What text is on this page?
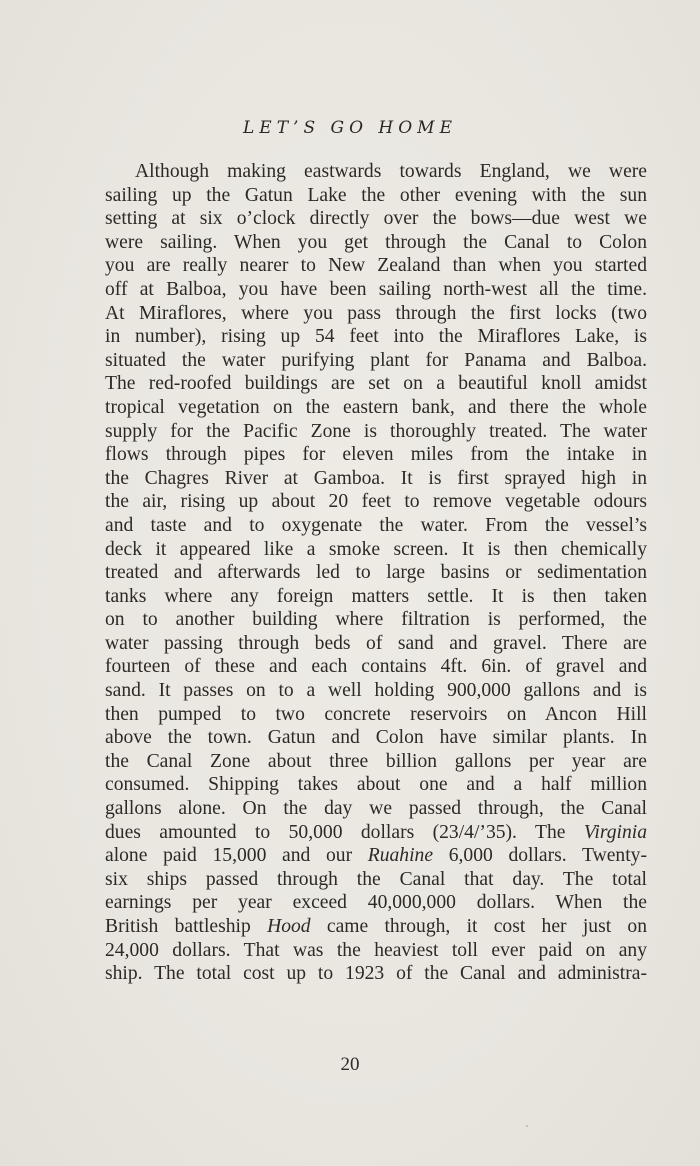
LET’S GO HOME
Although making eastwards towards England, we were
sailing up the Gatun Lake the other evening with the sun
setting at six o’clock directly over the bows—due west we
were sailing. When you get through the Canal to Colon
you are really nearer to New Zealand than when you started
off at Balboa, you have been sailing north-west all the time.
At Miraflores, where you pass through the first locks (two
in number), rising up 54 feet into the Miraflores Lake, is
situated the water purifying plant for Panama and Balboa.
The red-roofed buildings are set on a beautiful knoll amidst
tropical vegetation on the eastern bank, and there the whole
supply for the Pacific Zone is thoroughly treated. The water
flows through pipes for eleven miles from the intake in
the Chagres River at Gamboa. It is first sprayed high in
the air, rising up about 20 feet to remove vegetable odours
and taste and to oxygenate the water. From the vessel’s
deck it appeared like a smoke screen. It is then chemically
treated and afterwards led to large basins or sedimentation
tanks where any foreign matters settle. It is then taken
on to another building where filtration is performed, the
water passing through beds of sand and gravel. There are
fourteen of these and each contains 4ft. 6in. of gravel and
sand. It passes on to a well holding 900,000 gallons and is
then pumped to two concrete reservoirs on Ancon Hill
above the town. Gatun and Colon have similar plants. In
the Canal Zone about three billion gallons per year are
consumed. Shipping takes about one and a half million
gallons alone. On the day we passed through, the Canal
dues amounted to 50,000 dollars (23/4/’35). The Virginia
alone paid 15,000 and our Ruahine 6,000 dollars. Twenty-
six ships passed through the Canal that day. The total
earnings per year exceed 40,000,000 dollars. When the
British battleship Hood came through, it cost her just on
24,000 dollars. That was the heaviest toll ever paid on any
ship. The total cost up to 1923 of the Canal and administra-
20
